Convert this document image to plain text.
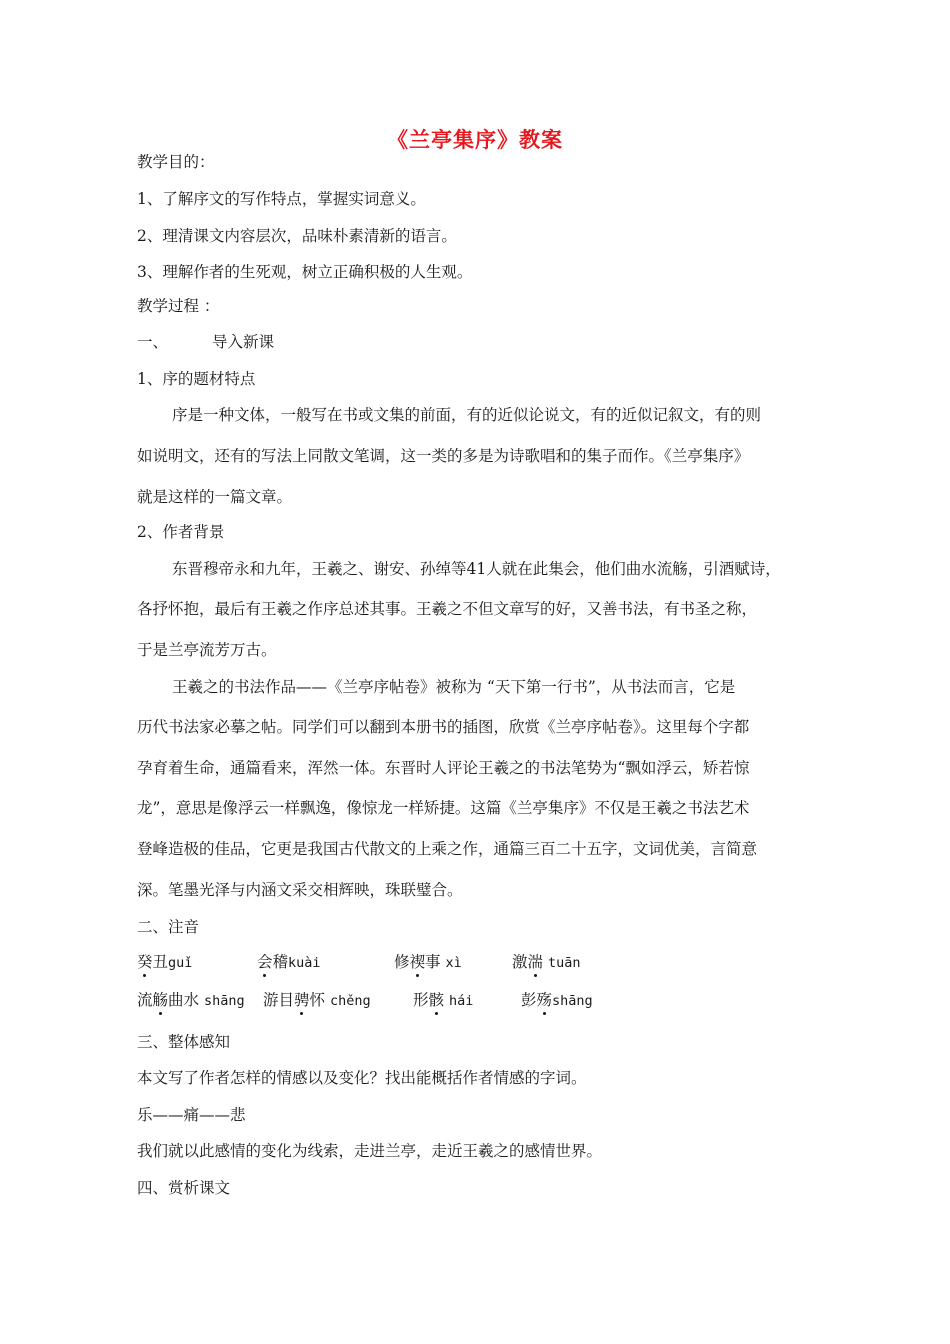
《兰亭集序》教案
教学目的：
1、了解序文的写作特点，掌握实词意义。
2、理清课文内容层次，品味朴素清新的语言。
3、理解作者的生死观，树立正确积极的人生观。
教学过程 ：
一、	导入新课
1、序的题材特点
序是一种文体，一般写在书或文集的前面，有的近似论说文，有的近似记叙文，有的则
如说明文，还有的写法上同散文笔调，这一类的多是为诗歌唱和的集子而作。《兰亭集序》
就是这样的一篇文章。
2、作者背景
东晋穆帝永和九年，王羲之、谢安、孙绰等41人就在此集会，他们曲水流觞，引酒赋诗，
各抒怀抱，最后有王羲之作序总述其事。王羲之不但文章写的好，又善书法，有书圣之称，
于是兰亭流芳万古。
王羲之的书法作品——《兰亭序帖卷》被称为 “天下第一行书”，从书法而言，它是
历代书法家必摹之帖。同学们可以翻到本册书的插图，欣赏《兰亭序帖卷》。这里每个字都
孕育着生命，通篇看来，浑然一体。东晋时人评论王羲之的书法笔势为“飘如浮云，矫若惊
龙”，意思是像浮云一样飘逸，像惊龙一样矫捷。这篇《兰亭集序》不仅是王羲之书法艺术
登峰造极的佳品，它更是我国古代散文的上乘之作，通篇三百二十五字，文词优美，言简意
深。笔墨光泽与内涵文采交相辉映，珠联璧合。
二、注音
癸丑guǐ	会稽kuài	修禊事 xì	激湍 tuān
流觞曲水 shāng 游目骋怀 chěng	形骸 hái	彭殇shāng
三、整体感知
本文写了作者怎样的情感以及变化？找出能概括作者情感的字词。
乐——痛——悲
我们就以此感情的变化为线索，走进兰亭，走近王羲之的感情世界。
四、赏析课文
